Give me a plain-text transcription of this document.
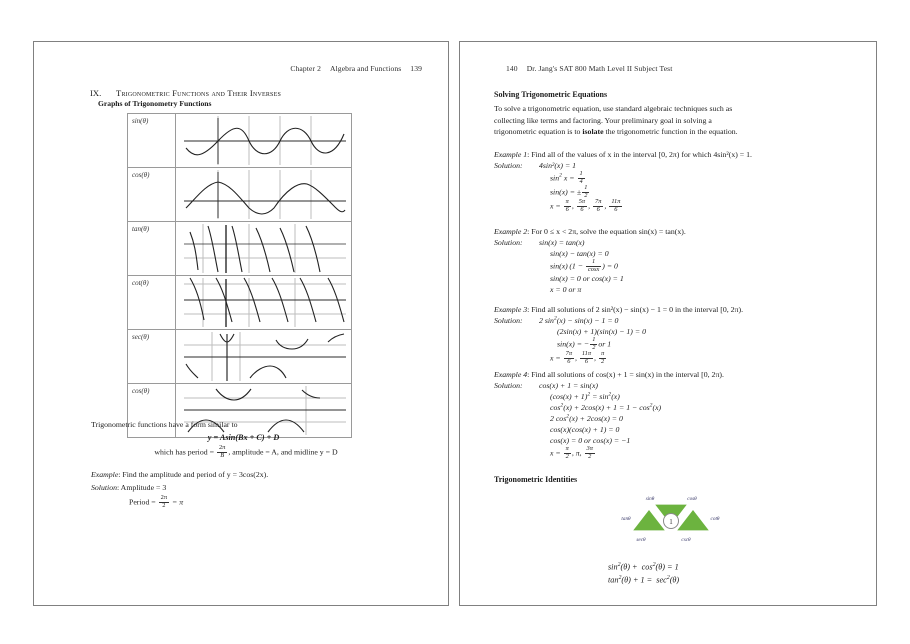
Chapter 2 Algebra and Functions 139
IX. Trigonometric Functions and Their Inverses
Graphs of Trigonometry Functions
sin(θ)	

cos(θ)	

tan(θ)	

cot(θ)	

sec(θ)	

cos(θ)	
Trigonometric functions have a form similar to
y = Asin(Bx + C) + D
which has period = $\frac{2\pi}{B}$ , amplitude = A, and midline y = D
Example: Find the amplitude and period of y = 3cos(2x).
Solution: Amplitude = 3
Period = $\frac{2\pi}{2} = \pi$
140 Dr. Jang's SAT 800 Math Level II Subject Test
Solving Trigonometric Equations
To solve a trigonometric equation, use standard algebraic techniques such as
collecting like terms and factoring. Your preliminary goal in solving a
trigonometric equation is to isolate the trigonometric function in the equation.
Example 1: Find all of the values of x in the interval [0, 2π) for which 4sin²(x) = 1.
Solution: 4sin²(x) = 1
$\sin^2 x = \frac{1}{4}$
sin(x) = ± $\frac{1}{2}$
$x = \frac{\pi}{6}$ , $\frac{5\pi}{6}$ , $\frac{7\pi}{6}$ , $\frac{11\pi}{6}$
Example 2: For 0 ≤ x < 2π, solve the equation sin(x) = tan(x).
Solution: sin(x) = tan(x)
sin(x) − tan(x) = 0
sin(x) ($1 - \frac{1}{\cos x}$ ) = 0
sin(x) = 0 or cos(x) = 1
x = 0 or π
Example 3: Find all solutions of 2 sin²(x) − sin(x) − 1 = 0 in the interval [0, 2π).
Solution: 2 $\sin^2(x) - \sin(x) - 1 = 0$
(2sin(x) + 1)(sin(x) − 1) = 0
sin(x) = − $\frac{1}{2}$ or 1
$x = \frac{7\pi}{6}$ , $\frac{11\pi}{6}$ , $\frac{\pi}{2}$
Example 4: Find all solutions of cos(x) + 1 = sin(x) in the interval [0, 2π).
Solution: cos(x) + 1 = sin(x)
$(\cos(x) + 1)^2 = \sin^2(x)$
$\cos^2(x) + 2\cos(x) + 1 = 1 - \cos^2(x)$
2 $\cos^2(x) + 2\cos(x) = 0$
cos(x)(cos(x) + 1) = 0
cos(x) = 0 or cos(x) = −1
$x = \frac{\pi}{2}$ , π, $\frac{3\pi}{2}$
Trigonometric Identities
1
sinθ	cosθ
tanθ	cotθ
secθ	cscθ
$\sin^2(\theta) + \cos^2(\theta) = 1$
$\tan^2(\theta) + 1 = \sec^2(\theta)$
